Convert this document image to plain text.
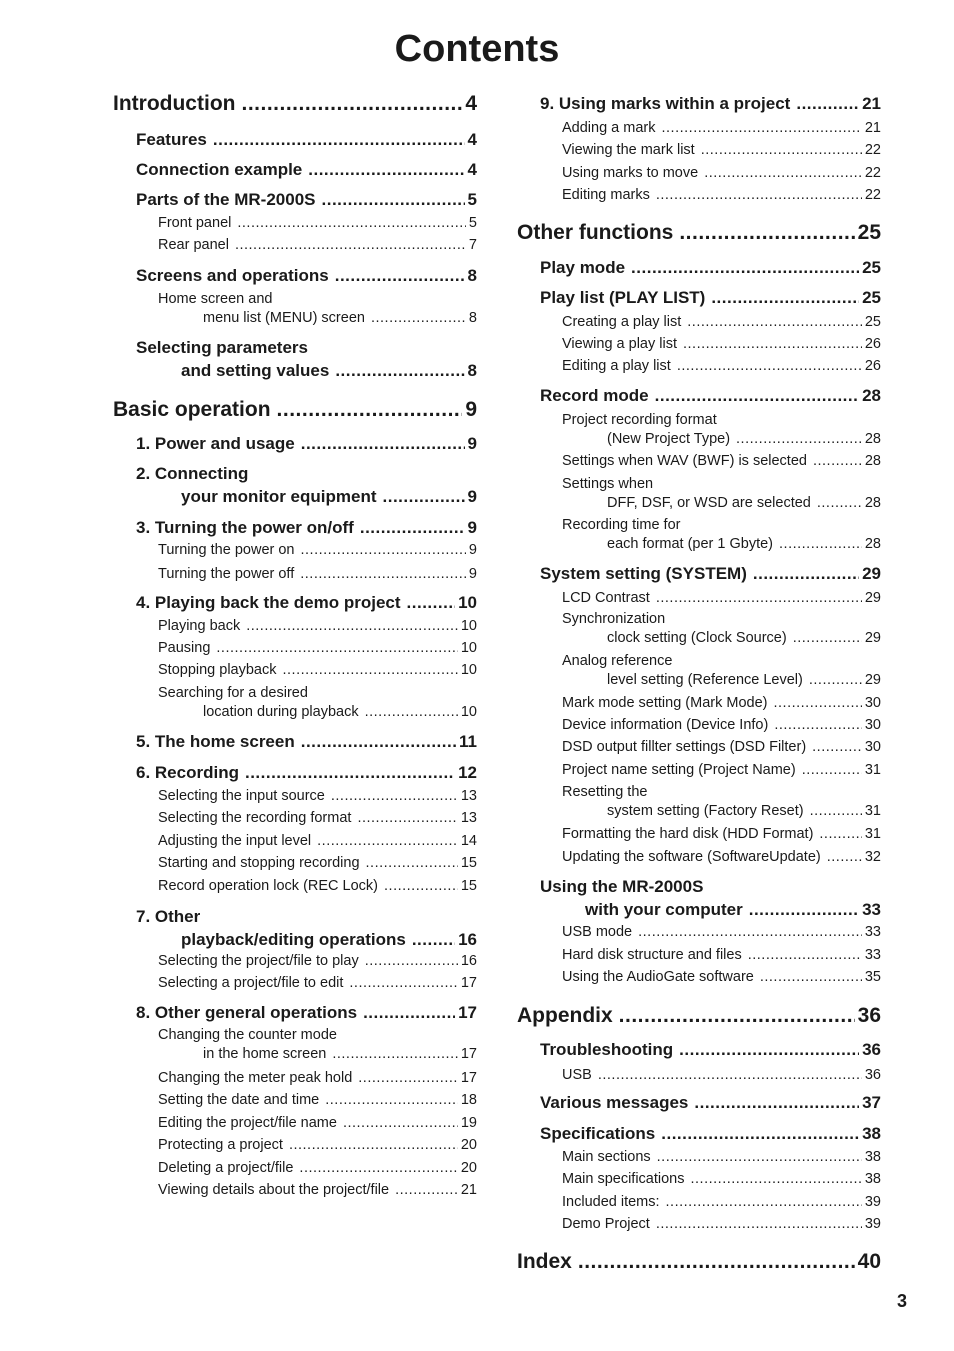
Contents
Introduction .....	4
Features .....	4
Connection example .....	4
Parts of the MR-2000S .....	5
Front panel .....	5
Rear panel .....	7
Screens and operations .....	8
Home screen and
menu list (MENU) screen .....	8
Selecting parameters
and setting values .....	8
Basic operation .....	9
1. Power and usage .....	9
2. Connecting
your monitor equipment .....	9
3. Turning the power on/off .....	9
Turning the power on .....	9
Turning the power off .....	9
4. Playing back the demo project .....	10
Playing back .....	10
Pausing .....	10
Stopping playback .....	10
Searching for a desired
location during playback .....	10
5. The home screen .....	11
6. Recording .....	12
Selecting the input source .....	13
Selecting the recording format .....	13
Adjusting the input level .....	14
Starting and stopping recording .....	15
Record operation lock (REC Lock) .....	15
7. Other
playback/editing operations .....	16
Selecting the project/file to play .....	16
Selecting a project/file to edit .....	17
8. Other general operations .....	17
Changing the counter mode
in the home screen .....	17
Changing the meter peak hold .....	17
Setting the date and time .....	18
Editing the project/file name .....	19
Protecting a project .....	20
Deleting a project/file .....	20
Viewing details about the project/file .....	21
9. Using marks within a project .....	21
Adding a mark .....	21
Viewing the mark list .....	22
Using marks to move .....	22
Editing marks .....	22
Other functions .....	25
Play mode .....	25
Play list (PLAY LIST) .....	25
Creating a play list .....	25
Viewing a play list .....	26
Editing a play list .....	26
Record mode .....	28
Project recording format
(New Project Type) .....	28
Settings when WAV (BWF) is selected .....	28
Settings when
DFF, DSF, or WSD are selected .....	28
Recording time for
each format (per 1 Gbyte) .....	28
System setting (SYSTEM) .....	29
LCD Contrast .....	29
Synchronization
clock setting (Clock Source) .....	29
Analog reference
level setting (Reference Level) .....	29
Mark mode setting (Mark Mode) .....	30
Device information (Device Info) .....	30
DSD output fillter settings (DSD Filter) .....	30
Project name setting (Project Name) .....	31
Resetting the
system setting (Factory Reset) .....	31
Formatting the hard disk (HDD Format) .....	31
Updating the software (SoftwareUpdate) .....	32
Using the MR-2000S
with your computer .....	33
USB mode .....	33
Hard disk structure and files .....	33
Using the AudioGate software .....	35
Appendix .....	36
Troubleshooting .....	36
USB .....	36
Various messages .....	37
Specifications .....	38
Main sections .....	38
Main specifications .....	38
Included items: .....	39
Demo Project .....	39
Index .....	40
3
